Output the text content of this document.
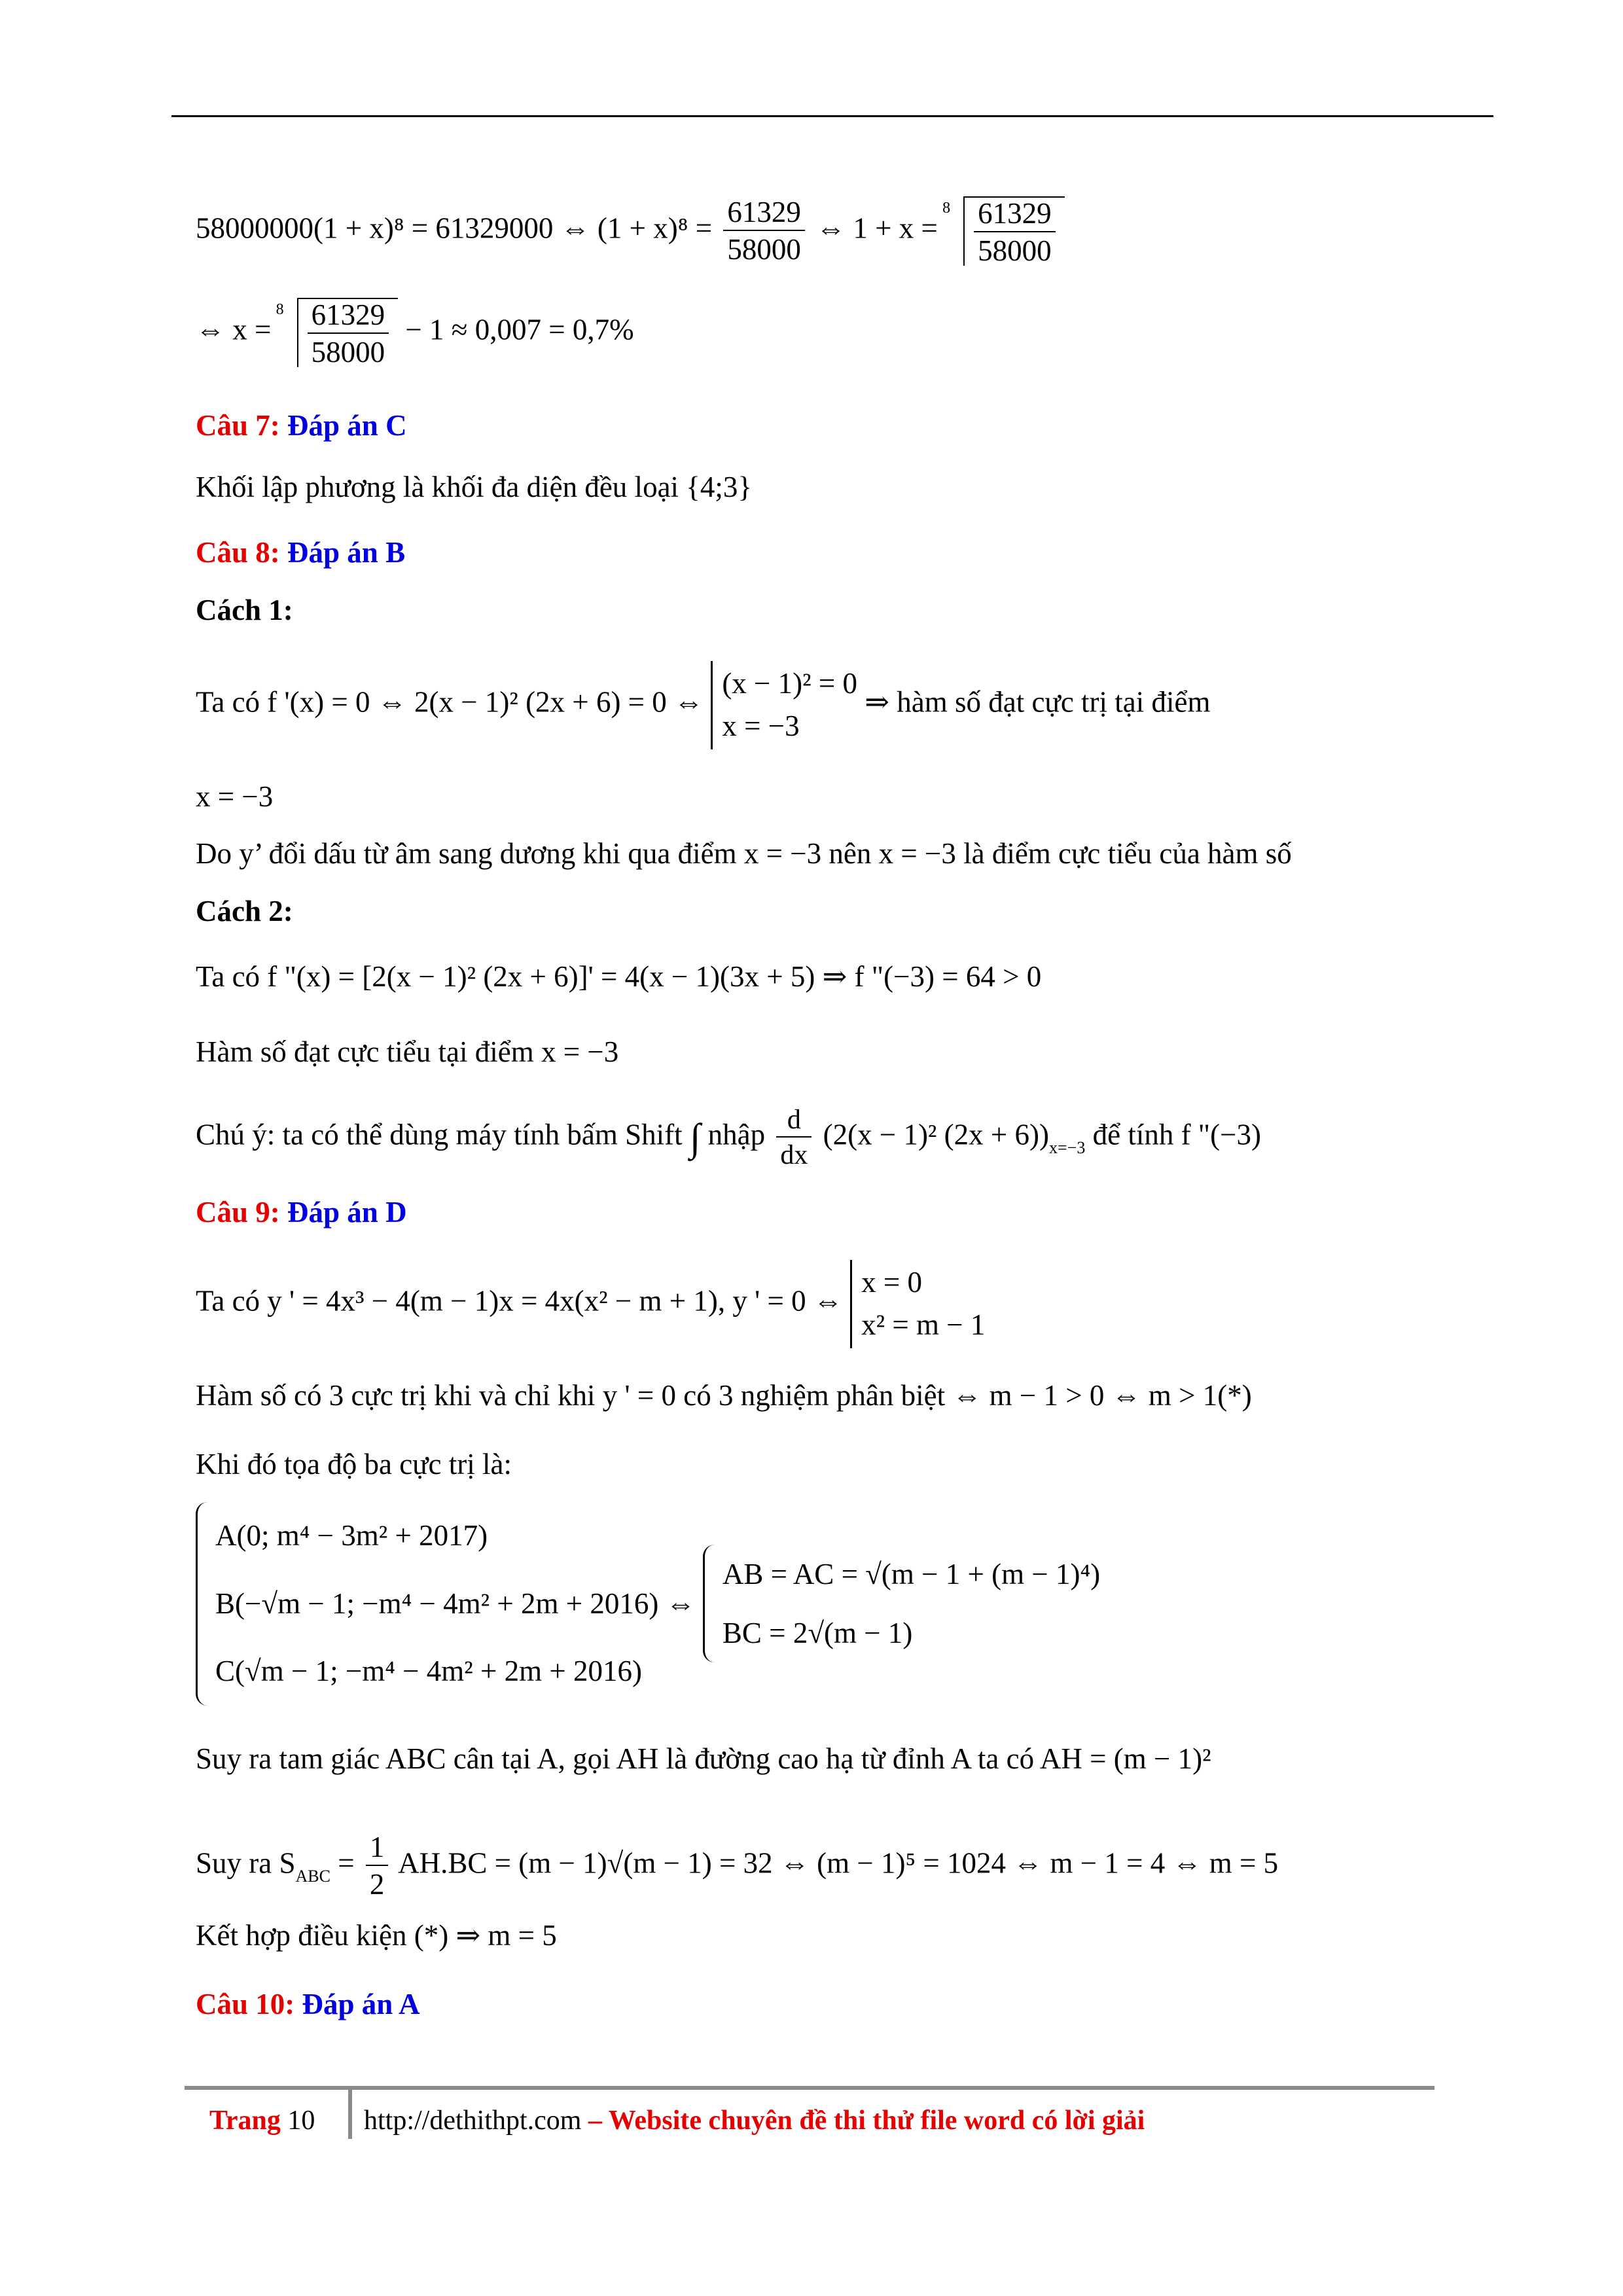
58000000(1 + x)⁸ = 61329000 ⇔ $(1 + x)^8 = \frac{61329}{58000}$ ⇔ 1 + x =
$8 \frac{61329}{58000}$
⇔ x =
$8 \frac{61329}{58000} - 1 \approx 0,007 = 0,7\%$
Câu 7: Đáp án C
Khối lập phương là khối đa diện đều loại {4;3}
Câu 8: Đáp án B
Cách 1:
Ta có f '(x) = 0 ⇔ 2(x − 1)² (2x + 6) = 0 ⇔
(x − 1)² = 0
x = −3
⇒ hàm số đạt cực trị tại điểm
x = −3
Do y’ đổi dấu từ âm sang dương khi qua điểm x = −3 nên x = −3 là điểm cực tiểu của hàm số
Cách 2:
Ta có f "(x) = [2(x − 1)² (2x + 6)]' = 4(x − 1)(3x + 5) ⇒ f "(−3) = 64 > 0
Hàm số đạt cực tiểu tại điểm x = −3
Chú ý: ta có thể dùng máy tính bấm Shift ∫ nhập $\frac{d}{dx} (2(x - 1)^2$ $(2x + 6))_{x=-3}$ để tính f "(−3)
Câu 9: Đáp án D
Ta có y ' = 4x³ − 4(m − 1)x = 4x(x² − m + 1), y ' = 0 ⇔
x = 0
x² = m − 1
Hàm số có 3 cực trị khi và chỉ khi y ' = 0 có 3 nghiệm phân biệt ⇔ m − 1 > 0 ⇔ m > 1(*)
Khi đó tọa độ ba cực trị là:
A(0; m⁴ − 3m² + 2017)
B(−√m − 1; −m⁴ − 4m² + 2m + 2016)
C(√m − 1; −m⁴ − 4m² + 2m + 2016)
⇔
AB = AC = √(m − 1 + (m − 1)⁴)
BC = 2√(m − 1)
Suy ra tam giác ABC cân tại A, gọi AH là đường cao hạ từ đỉnh A ta có AH = (m − 1)²
Suy ra $S_{ABC} = \frac{1}{2} AH.BC = (m - 1)√(m - 1) = 32$ ⇔ (m − 1)⁵ = 1024 ⇔ m − 1 = 4 ⇔ m = 5
Kết hợp điều kiện (*) ⇒ m = 5
Câu 10: Đáp án A
Trang 10 http://dethithpt.com – Website chuyên đề thi thử file word có lời giải
